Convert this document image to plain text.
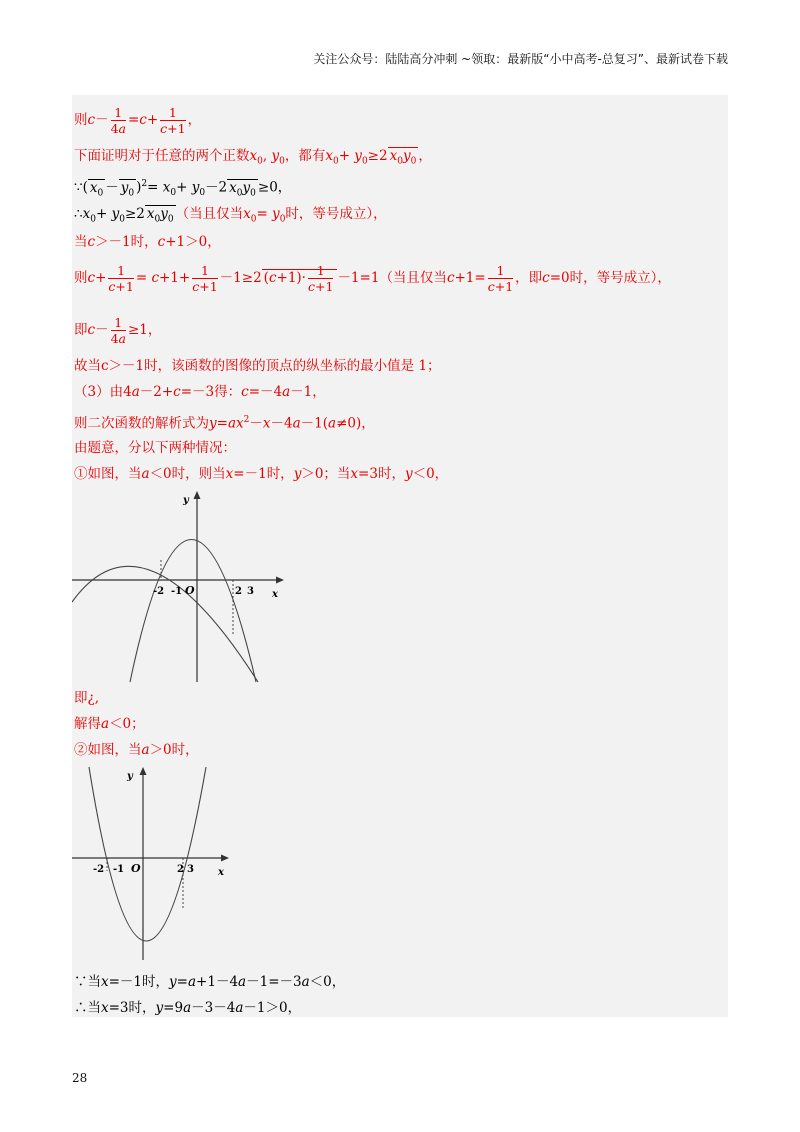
关注公众号：陆陆高分冲刺 ~领取：最新版“小中高考-总复习”、最新试卷下载
则$c- \frac{1}{4a} =c+ \frac{1}{c+1}$ ，
下面证明对于任意的两个正数$x_0$, $y_0$，都有$x_0+ y_0\ge 2$ $x_0y_0$ ，
∵( $x_0 - y_0$ )$^2= x_0+ y_0-2$ $x_0y_0 \ge 0$，
$\therefore x_0+ y_0\ge 2$ $x_0y_0$ （当且仅当$x_0= y_0$时，等号成立），
当c＞－1时，c+1＞0，
则$c+ \frac{1}{c+1} = c+1+ \frac{1}{c+1} -1\ge 2$ $(c+1)\cdot \frac{1}{c+1} -1=1$（当且仅当$c+1= \frac{1}{c+1}$ ，即c=0时，等号成立），
即$c- \frac{1}{4a} \ge 1$，
故当c＞－1时，该函数的图像的顶点的纵坐标的最小值是 1；
（3）由4a－2+c=－3得：c=－4a－1，
则二次函数的解析式为$y=ax^2-x-4a-1(a\ne 0)$，
由题意，分以下两种情况：
①如图，当a＜0时，则当x=－1时，y＞0；当x=3时，y＜0，
y
x
O
-2 -1	2 3
即¿,
解得a＜0；
②如图，当a＞0时，
y
x
O
-2 -1	2 3
∵当x=－1时，y=a+1－4a－1=－3a＜0，
∴当x=3时，y=9a－3－4a－1＞0，
28
